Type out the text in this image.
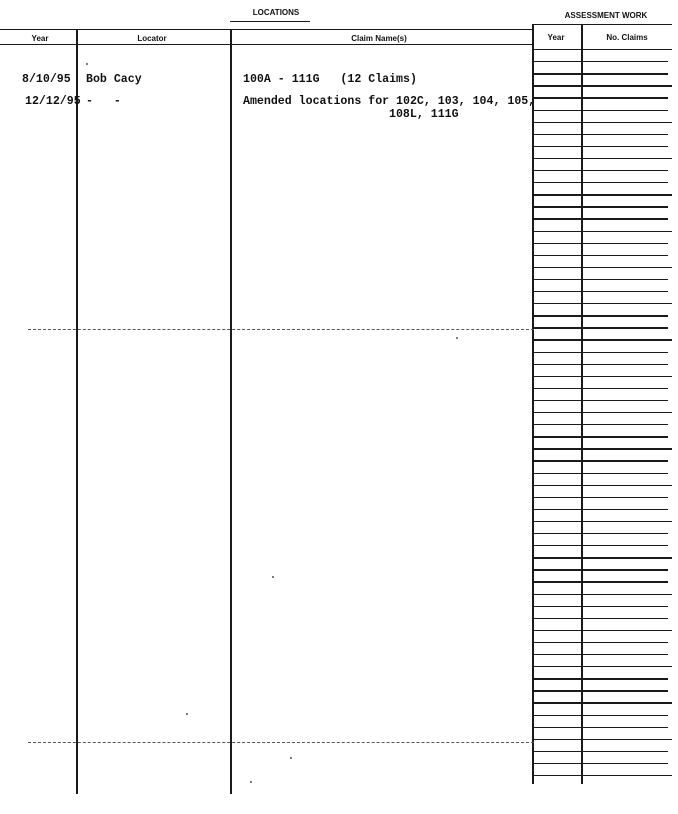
LOCATIONS	ASSESSMENT WORK
Year	Locator	Claim Name(s)	Year	No. Claims
8/10/95 Bob Cacy	100A - 111G   (12 Claims)
12/12/95 -   -	Amended locations for 102C, 103, 104, 105,
108L, 111G
